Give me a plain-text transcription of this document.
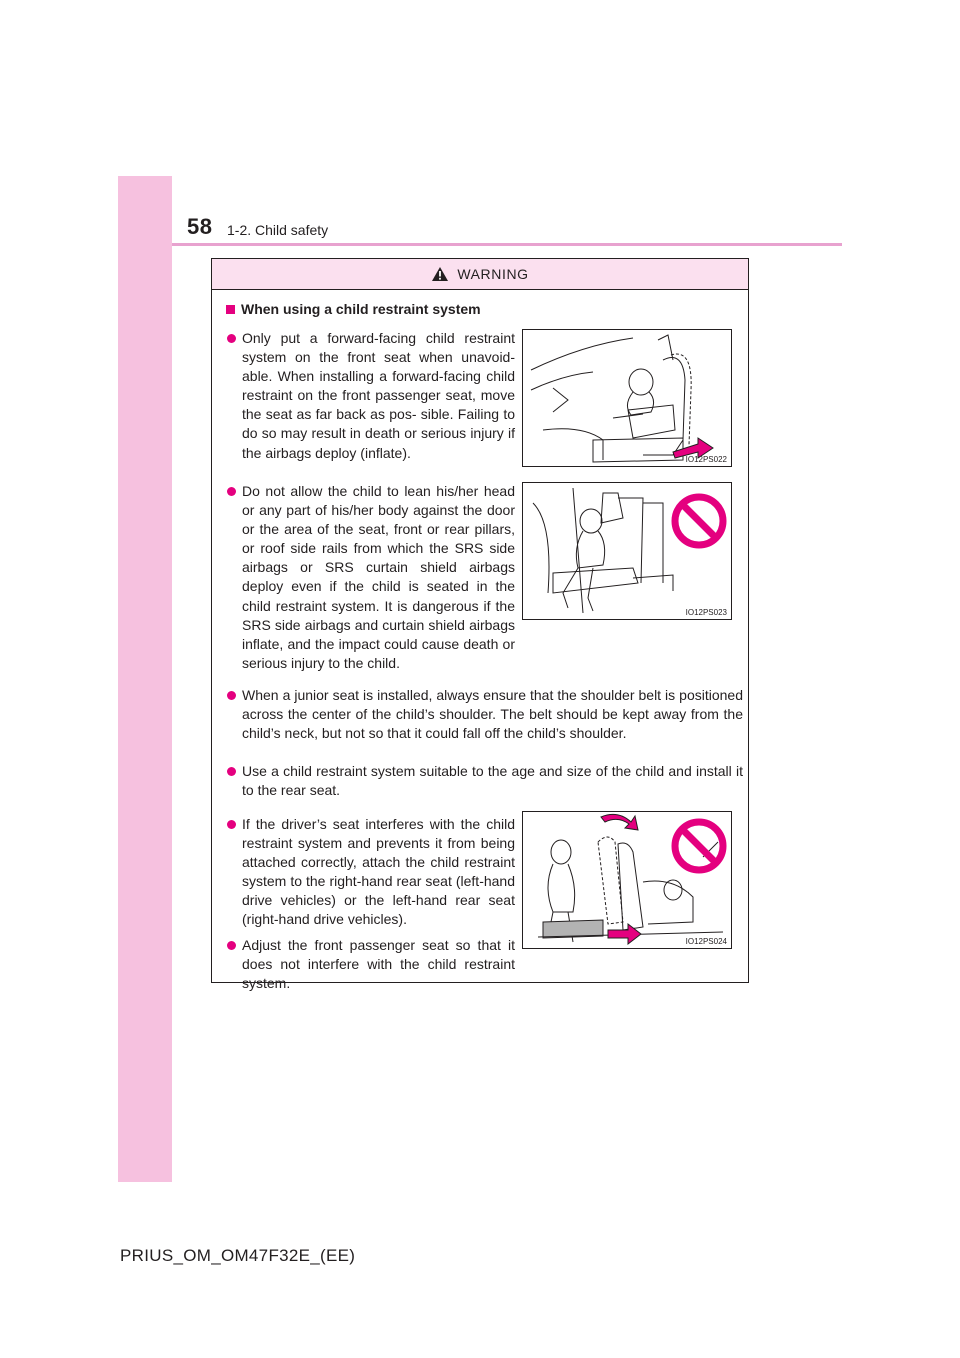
58 1-2. Child safety
WARNING
When using a child restraint system
Only put a forward-facing child restraint system on the front seat when unavoid- able. When installing a forward-facing child restraint on the front passenger seat, move the seat as far back as pos- sible. Failing to do so may result in death or serious injury if the airbags deploy (inflate).
Do not allow the child to lean his/her head or any part of his/her body against the door or the area of the seat, front or rear pillars, or roof side rails from which the SRS side airbags or SRS curtain shield airbags deploy even if the child is seated in the child restraint system. It is dangerous if the SRS side airbags and curtain shield airbags inflate, and the impact could cause death or serious injury to the child.
When a junior seat is installed, always ensure that the shoulder belt is positioned across the center of the child’s shoulder. The belt should be kept away from the child’s neck, but not so that it could fall off the child’s shoulder.
Use a child restraint system suitable to the age and size of the child and install it to the rear seat.
If the driver’s seat interferes with the child restraint system and prevents it from being attached correctly, attach the child restraint system to the right-hand rear seat (left-hand drive vehicles) or the left-hand rear seat (right-hand drive vehicles).
Adjust the front passenger seat so that it does not interfere with the child restraint system.
IO12PS022
IO12PS023
IO12PS024
PRIUS_OM_OM47F32E_(EE)
